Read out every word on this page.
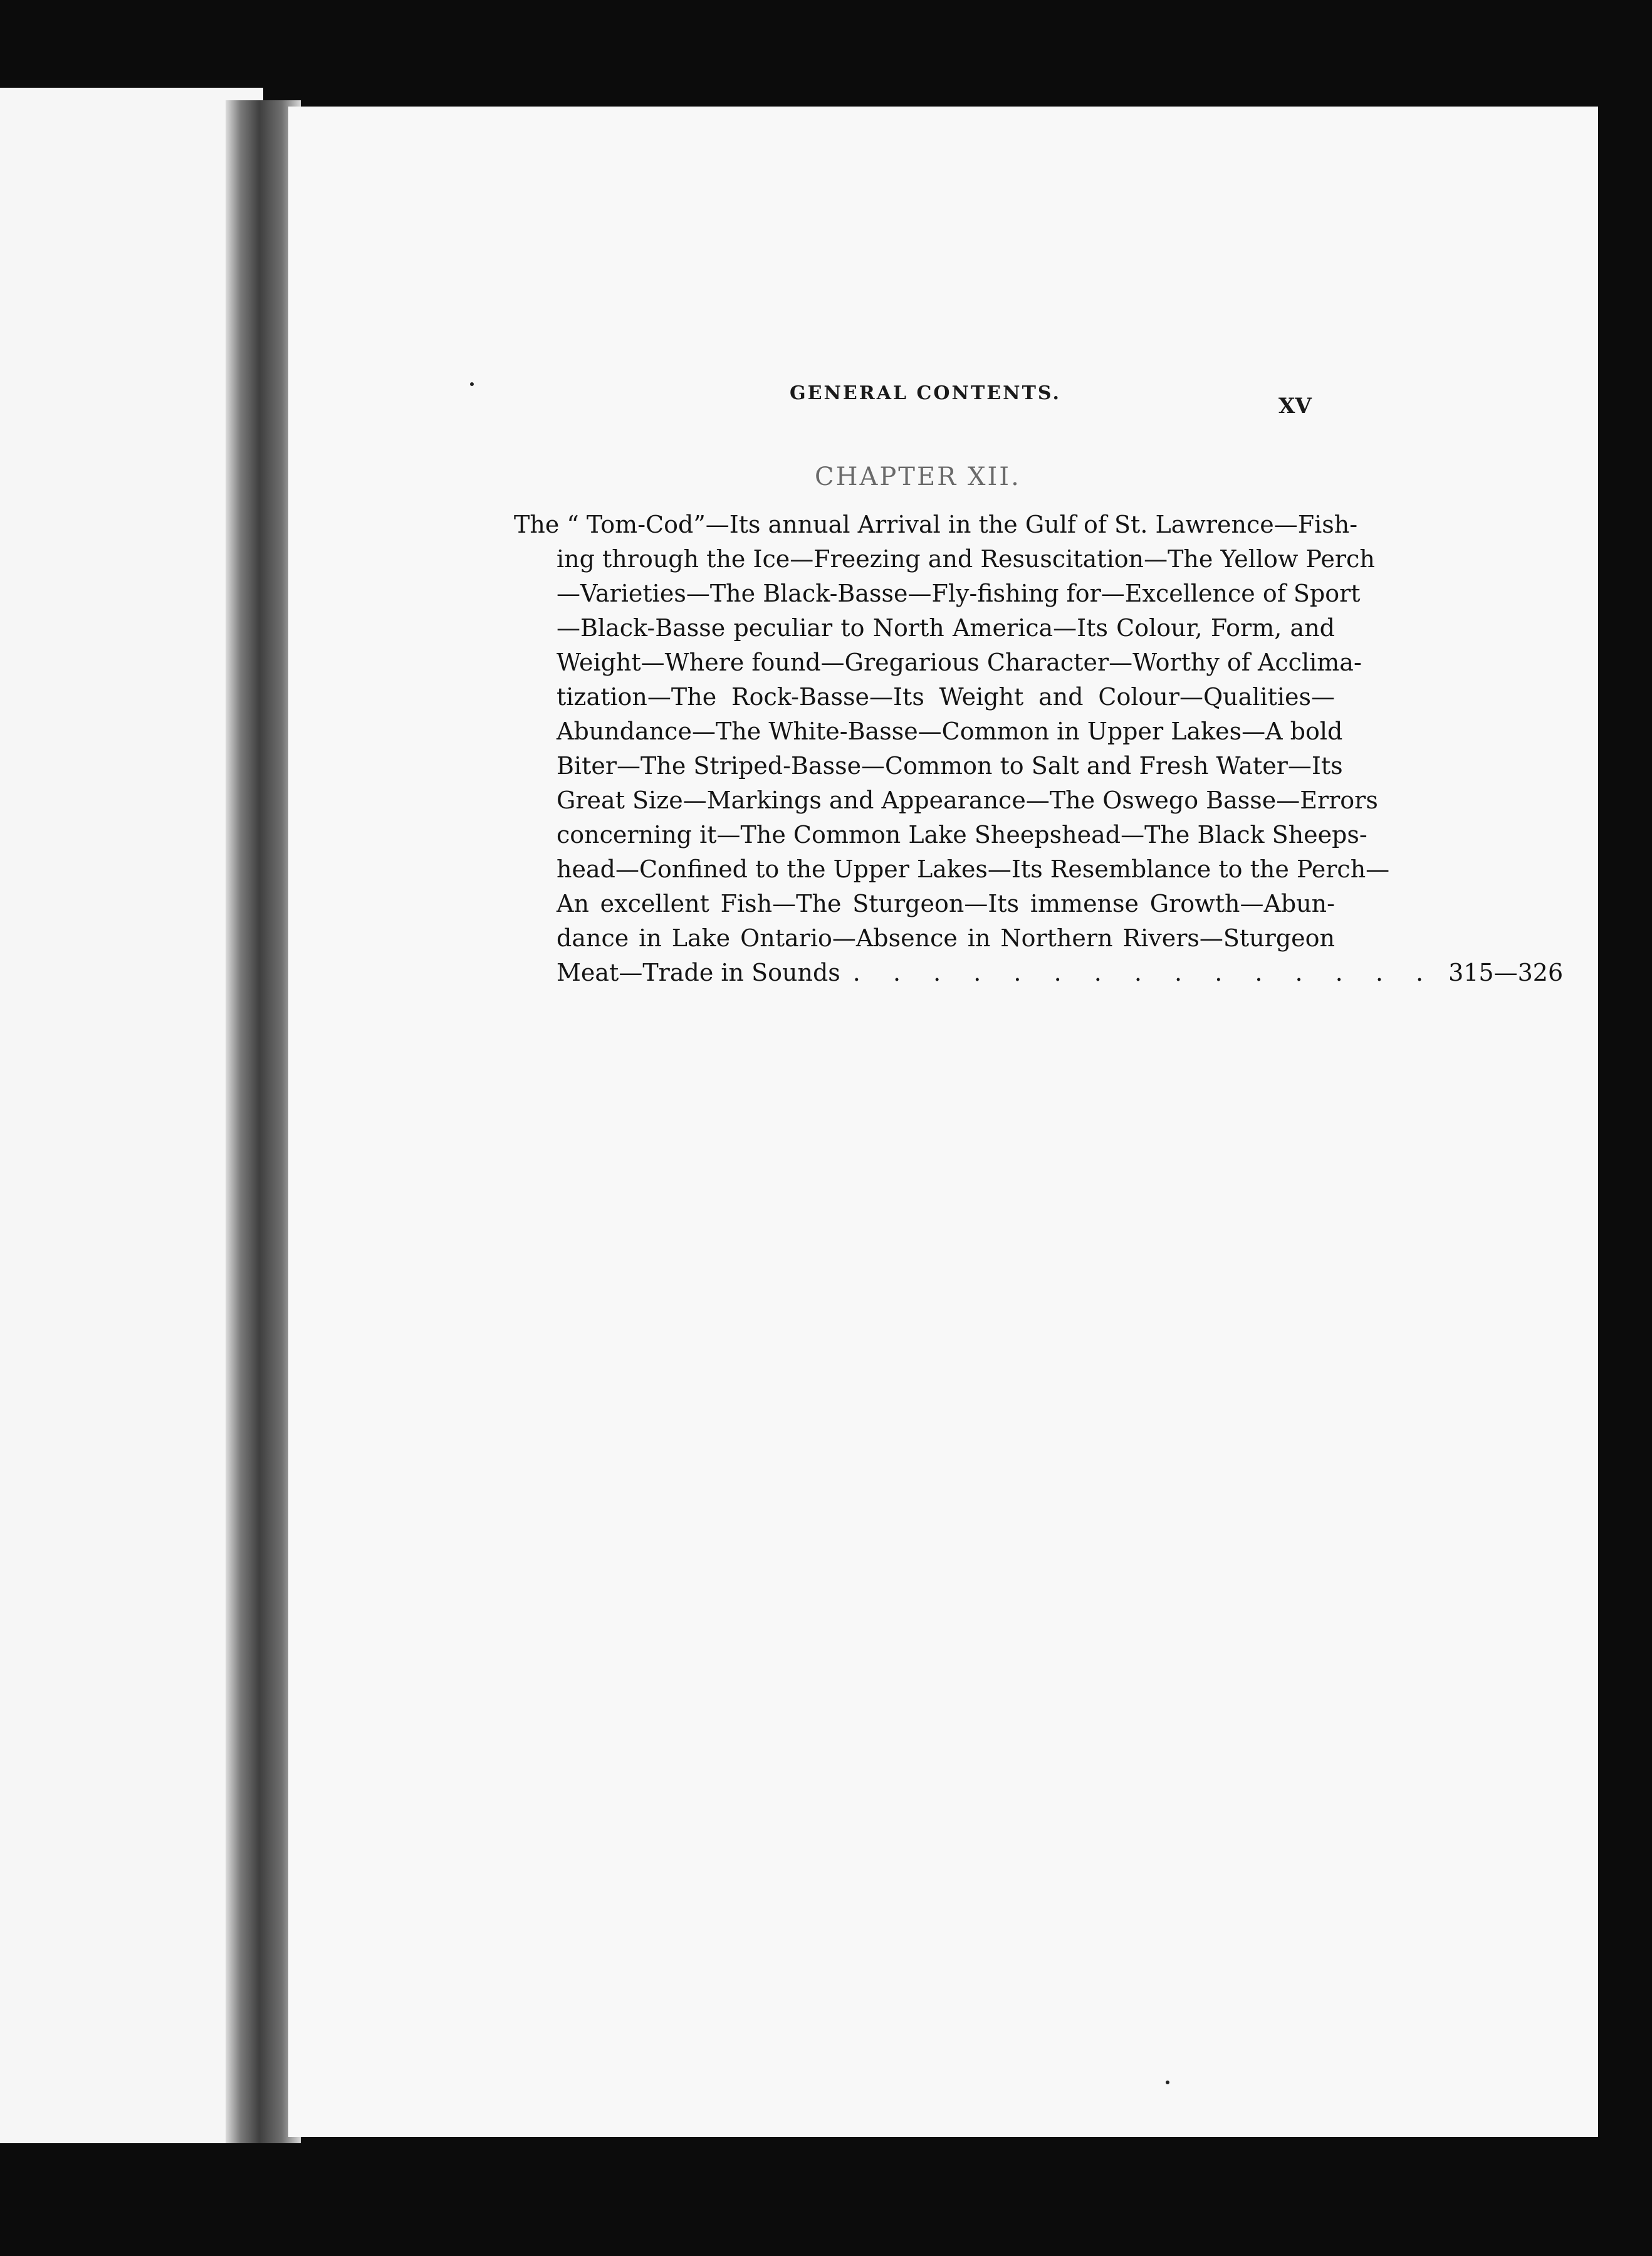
GENERAL CONTENTS.
XV
CHAPTER XII.
The “ Tom-Cod”—Its annual Arrival in the Gulf of St. Lawrence—Fish-
ing through the Ice—Freezing and Resuscitation—The Yellow Perch
—Varieties—The Black-Basse—Fly-fishing for—Excellence of Sport
—Black-Basse peculiar to North America—Its Colour, Form, and
Weight—Where found—Gregarious Character—Worthy of Acclima-
tization—The Rock-Basse—Its Weight and Colour—Qualities—
Abundance—The White-Basse—Common in Upper Lakes—A bold
Biter—The Striped-Basse—Common to Salt and Fresh Water—Its
Great Size—Markings and Appearance—The Oswego Basse—Errors
concerning it—The Common Lake Sheepshead—The Black Sheeps-
head—Confined to the Upper Lakes—Its Resemblance to the Perch—
An excellent Fish—The Sturgeon—Its immense Growth—Abun-
dance in Lake Ontario—Absence in Northern Rivers—Sturgeon
Meat—Trade in Sounds . . . . . . . . . . . . . . . 315—326
